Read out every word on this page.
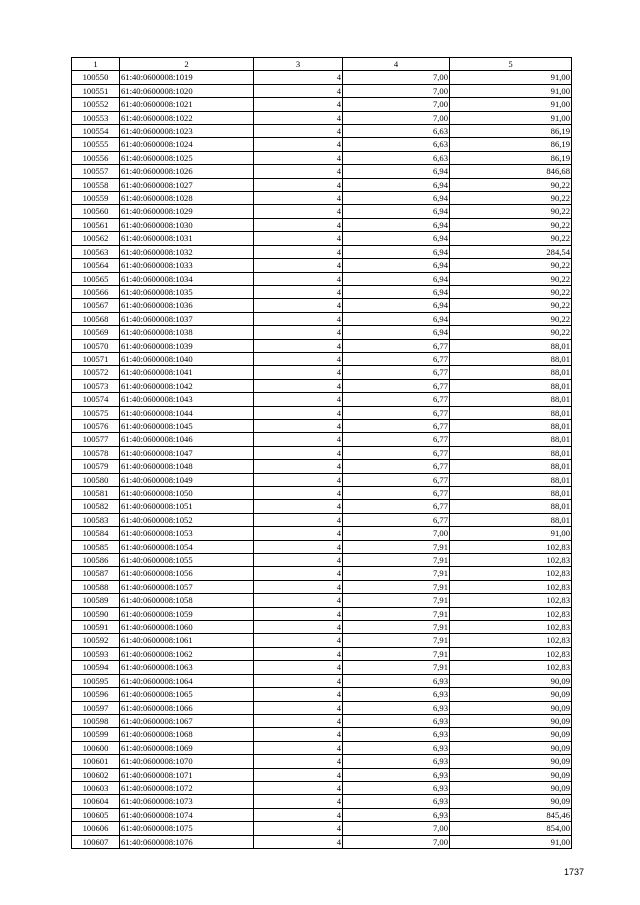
1	2	3	4	5
100550	61:40:0600008:1019	4	7,00	91,00
100551	61:40:0600008:1020	4	7,00	91,00
100552	61:40:0600008:1021	4	7,00	91,00
100553	61:40:0600008:1022	4	7,00	91,00
100554	61:40:0600008:1023	4	6,63	86,19
100555	61:40:0600008:1024	4	6,63	86,19
100556	61:40:0600008:1025	4	6,63	86,19
100557	61:40:0600008:1026	4	6,94	846,68
100558	61:40:0600008:1027	4	6,94	90,22
100559	61:40:0600008:1028	4	6,94	90,22
100560	61:40:0600008:1029	4	6,94	90,22
100561	61:40:0600008:1030	4	6,94	90,22
100562	61:40:0600008:1031	4	6,94	90,22
100563	61:40:0600008:1032	4	6,94	284,54
100564	61:40:0600008:1033	4	6,94	90,22
100565	61:40:0600008:1034	4	6,94	90,22
100566	61:40:0600008:1035	4	6,94	90,22
100567	61:40:0600008:1036	4	6,94	90,22
100568	61:40:0600008:1037	4	6,94	90,22
100569	61:40:0600008:1038	4	6,94	90,22
100570	61:40:0600008:1039	4	6,77	88,01
100571	61:40:0600008:1040	4	6,77	88,01
100572	61:40:0600008:1041	4	6,77	88,01
100573	61:40:0600008:1042	4	6,77	88,01
100574	61:40:0600008:1043	4	6,77	88,01
100575	61:40:0600008:1044	4	6,77	88,01
100576	61:40:0600008:1045	4	6,77	88,01
100577	61:40:0600008:1046	4	6,77	88,01
100578	61:40:0600008:1047	4	6,77	88,01
100579	61:40:0600008:1048	4	6,77	88,01
100580	61:40:0600008:1049	4	6,77	88,01
100581	61:40:0600008:1050	4	6,77	88,01
100582	61:40:0600008:1051	4	6,77	88,01
100583	61:40:0600008:1052	4	6,77	88,01
100584	61:40:0600008:1053	4	7,00	91,00
100585	61:40:0600008:1054	4	7,91	102,83
100586	61:40:0600008:1055	4	7,91	102,83
100587	61:40:0600008:1056	4	7,91	102,83
100588	61:40:0600008:1057	4	7,91	102,83
100589	61:40:0600008:1058	4	7,91	102,83
100590	61:40:0600008:1059	4	7,91	102,83
100591	61:40:0600008:1060	4	7,91	102,83
100592	61:40:0600008:1061	4	7,91	102,83
100593	61:40:0600008:1062	4	7,91	102,83
100594	61:40:0600008:1063	4	7,91	102,83
100595	61:40:0600008:1064	4	6,93	90,09
100596	61:40:0600008:1065	4	6,93	90,09
100597	61:40:0600008:1066	4	6,93	90,09
100598	61:40:0600008:1067	4	6,93	90,09
100599	61:40:0600008:1068	4	6,93	90,09
100600	61:40:0600008:1069	4	6,93	90,09
100601	61:40:0600008:1070	4	6,93	90,09
100602	61:40:0600008:1071	4	6,93	90,09
100603	61:40:0600008:1072	4	6,93	90,09
100604	61:40:0600008:1073	4	6,93	90,09
100605	61:40:0600008:1074	4	6,93	845,46
100606	61:40:0600008:1075	4	7,00	854,00
100607	61:40:0600008:1076	4	7,00	91,00
1737
